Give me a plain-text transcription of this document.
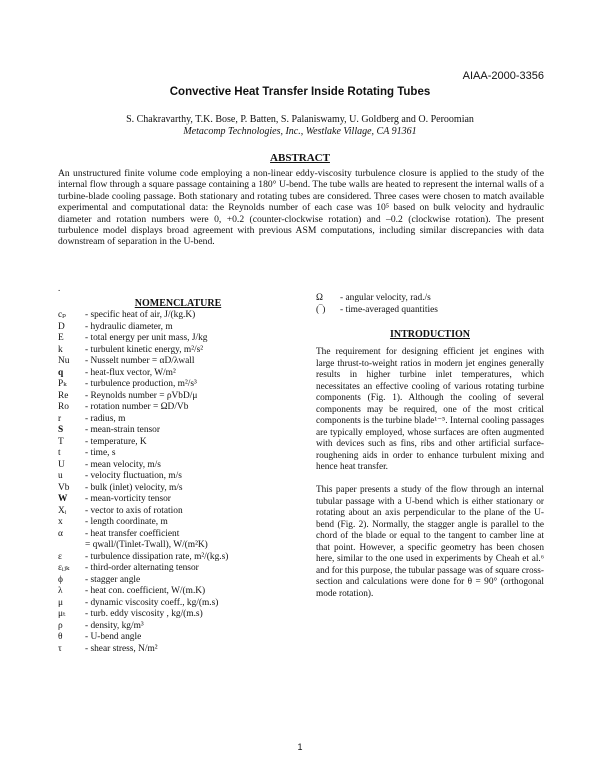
AIAA-2000-3356
Convective Heat Transfer Inside Rotating Tubes
S. Chakravarthy, T.K. Bose, P. Batten, S. Palaniswamy, U. Goldberg and O. Peroomian
Metacomp Technologies, Inc., Westlake Village, CA 91361
ABSTRACT
An unstructured finite volume code employing a non-linear eddy-viscosity turbulence closure is applied to the study of the internal flow through a square passage containing a 180° U-bend. The tube walls are heated to represent the internal walls of a turbine-blade cooling passage. Both stationary and rotating tubes are considered. Three cases were chosen to match available experimental and computational data: the Reynolds number of each case was 10⁵ based on bulk velocity and hydraulic diameter and rotation numbers were 0, +0.2 (counter-clockwise rotation) and –0.2 (clockwise rotation). The present turbulence model displays broad agreement with previous ASM computations, including similar discrepancies with data downstream of separation in the U-bend.
.
NOMENCLATURE
cₚ	- specific heat of air, J/(kg.K)
D	- hydraulic diameter, m
E	- total energy per unit mass, J/kg
k	- turbulent kinetic energy, m²/s²
Nu	- Nusselt number = αD/λwall
q	- heat-flux vector, W/m²
Pₖ	- turbulence production, m²/s³
Re	- Reynolds number = ρVbD/μ
Ro	- rotation number = ΩD/Vb
r	- radius, m
S	- mean-strain tensor
T	- temperature, K
t	- time, s
U	- mean velocity, m/s
u	- velocity fluctuation, m/s
Vb	- bulk (inlet) velocity, m/s
W	- mean-vorticity tensor
Xᵢ	- vector to axis of rotation
x	- length coordinate, m
α	- heat transfer coefficient
= qwall/(Tinlet-Twall), W/(m²K)
ε	- turbulence dissipation rate, m²/(kg.s)
εᵢⱼₖ	- third-order alternating tensor
ϕ	- stagger angle
λ	- heat con. coefficient, W/(m.K)
μ	- dynamic viscosity coeff., kg/(m.s)
μₜ	- turb. eddy viscosity , kg/(m.s)
ρ	- density, kg/m³
θ	- U-bend angle
τ	- shear stress, N/m²
Ω	- angular velocity, rad./s
(‾)	- time-averaged quantities
INTRODUCTION

The requirement for designing efficient jet engines with large thrust-to-weight ratios in modern jet engines generally results in higher turbine inlet temperatures, which necessitates an effective cooling of various rotating turbine components (Fig. 1). Although the cooling of several components may be required, one of the most critical components is the turbine blade¹⁻⁵. Internal cooling passages are typically employed, whose surfaces are often augmented with devices such as fins, ribs and other artificial surface-roughening aids in order to enhance turbulent mixing and hence heat transfer.

This paper presents a study of the flow through an internal tubular passage with a U-bend which is either stationary or rotating about an axis perpendicular to the plane of the U-bend (Fig. 2). Normally, the stagger angle is parallel to the chord of the blade or equal to the tangent to camber line at that point. However, a specific geometry has been chosen here, similar to the one used in experiments by Cheah et al.⁶ and for this purpose, the tubular passage was of square cross-section and calculations were done for θ = 90° (orthogonal mode rotation).

1
